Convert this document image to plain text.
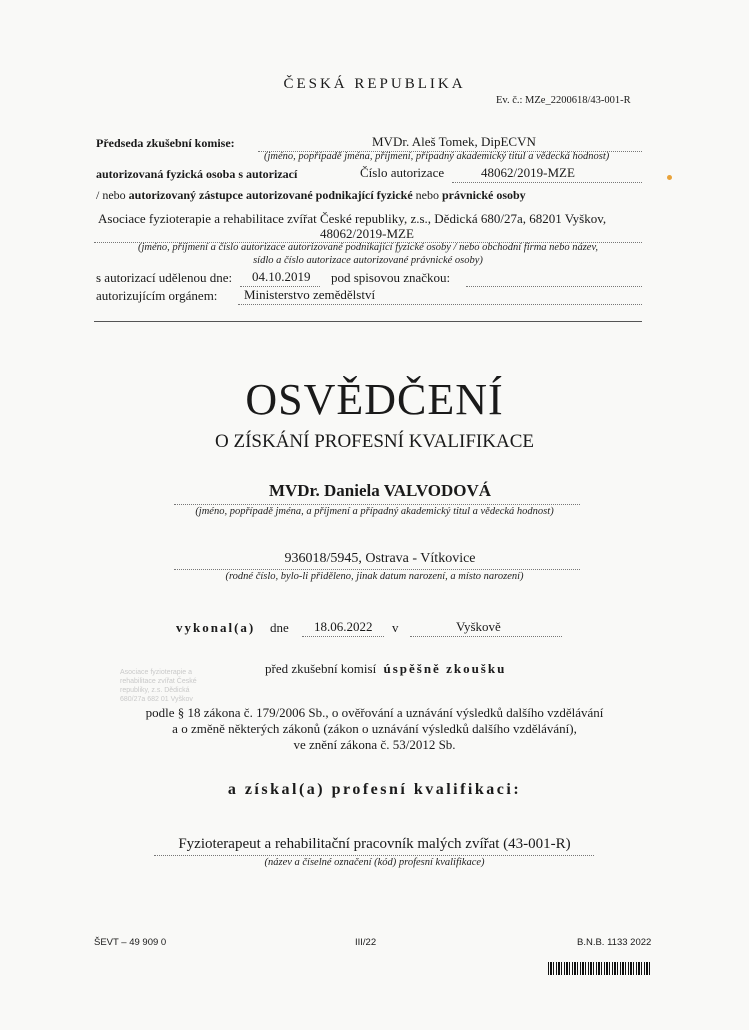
ČESKÁ REPUBLIKA
Ev. č.: MZe_2200618/43-001-R
Předseda zkušební komise:	MVDr. Aleš Tomek, DipECVN
(jméno, popřípadě jména, příjmení, případný akademický titul a vědecká hodnost)
autorizovaná fyzická osoba s autorizací	Číslo autorizace	48062/2019-MZE
/ nebo autorizovaný zástupce autorizované podnikající fyzické nebo právnické osoby
Asociace fyzioterapie a rehabilitace zvířat České republiky, z.s., Dědická 680/27a, 68201 Vyškov,
48062/2019-MZE
(jméno, příjmení a číslo autorizace autorizované podnikající fyzické osoby / nebo obchodní firma nebo název,
sídlo a číslo autorizace autorizované právnické osoby)
s autorizací udělenou dne: 04.10.2019 pod spisovou značkou:
autorizujícím orgánem: Ministerstvo zemědělství
OSVĚDČENÍ
O ZÍSKÁNÍ PROFESNÍ KVALIFIKACE
MVDr. Daniela VALVODOVÁ
(jméno, popřípadě jména, a příjmení a případný akademický titul a vědecká hodnost)
936018/5945, Ostrava - Vítkovice
(rodné číslo, bylo-li přiděleno, jinak datum narození, a místo narození)
vykonal(a) dne 18.06.2022 v	Vyškově
Asociace fyzioterapie a rehabilitace zvířat České republiky, z.s. Dědická 680/27a 682 01 Vyškov
před zkušební komisí úspěšně zkoušku
podle § 18 zákona č. 179/2006 Sb., o ověřování a uznávání výsledků dalšího vzdělávání
a o změně některých zákonů (zákon o uznávání výsledků dalšího vzdělávání),
ve znění zákona č. 53/2012 Sb.
a získal(a) profesní kvalifikaci:
Fyzioterapeut a rehabilitační pracovník malých zvířat (43-001-R)
(název a číselné označení (kód) profesní kvalifikace)
ŠEVT – 49 909 0	III/22	B.N.B. 1133 2022
